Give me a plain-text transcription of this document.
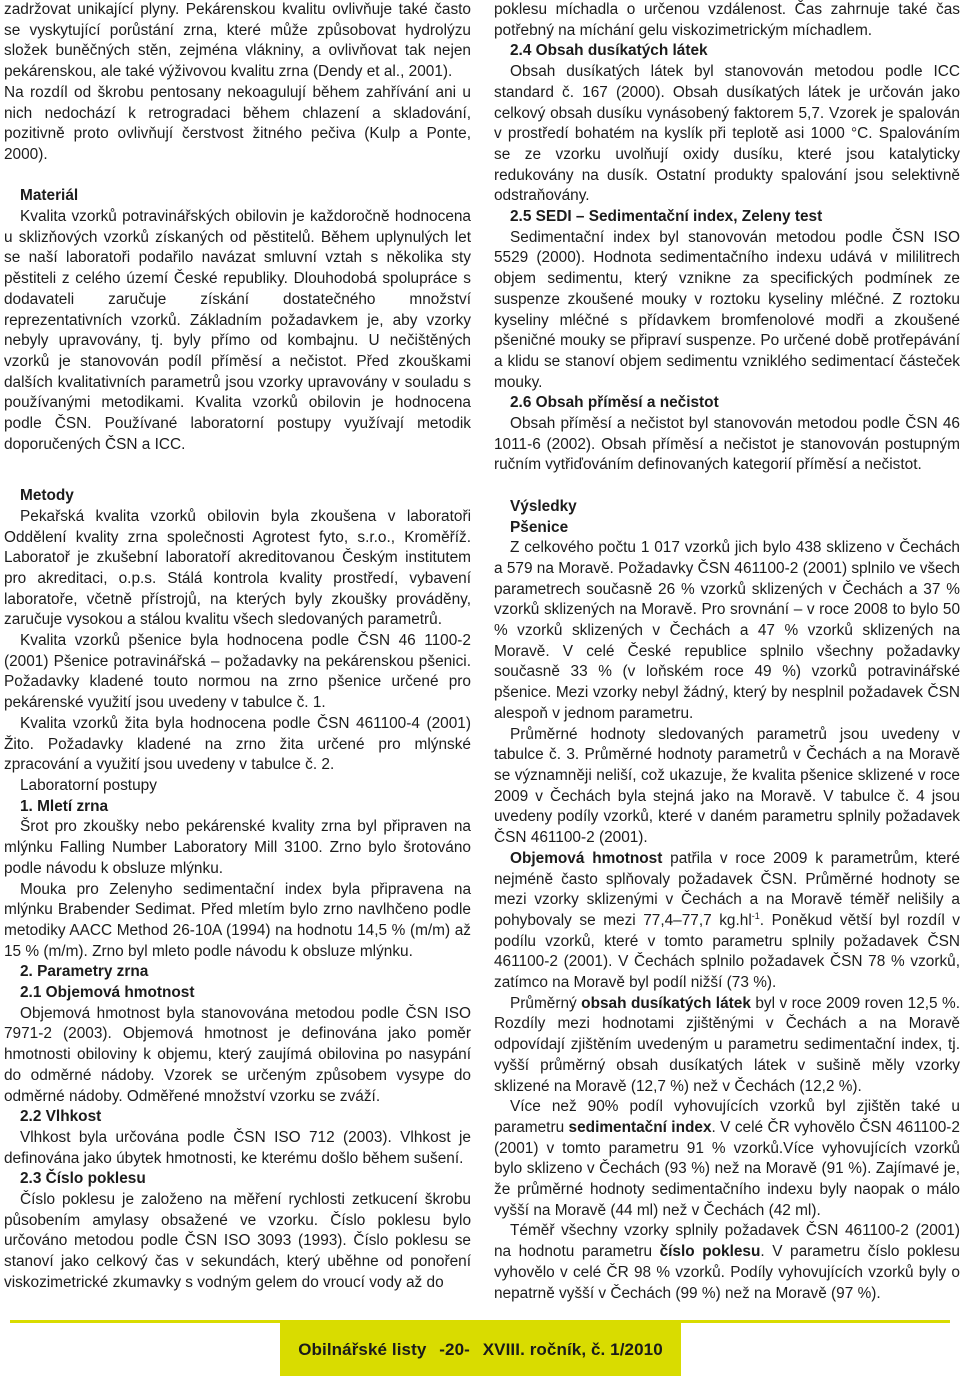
zadržovat unikající plyny. Pekárenskou kvalitu ovlivňuje také často se vyskytující porůstání zrna, které může způsobovat hydrolýzu složek buněčných stěn, zejména vlákniny, a ovlivňovat tak nejen pekárenskou, ale také výživovou kvalitu zrna (Dendy et al., 2001).

Na rozdíl od škrobu pentosany nekoagulují během zahřívání ani u nich nedochází k retrogradaci během chlazení a skladování, pozitivně proto ovlivňují čerstvost žitného pečiva (Kulp a Ponte, 2000).

Materiál

Kvalita vzorků potravinářských obilovin je každoročně hodnocena u sklizňových vzorků získaných od pěstitelů. Během uplynulých let se naší laboratoři podařilo navázat smluvní vztah s několika sty pěstiteli z celého území České republiky. Dlouhodobá spolupráce s dodavateli zaručuje získání dostatečného množství reprezentativních vzorků. Základním požadavkem je, aby vzorky nebyly upravovány, tj. byly přímo od kombajnu. U nečištěných vzorků je stanovován podíl příměsí a nečistot. Před zkouškami dalších kvalitativních parametrů jsou vzorky upravovány v souladu s používanými metodikami. Kvalita vzorků obilovin je hodnocena podle ČSN. Používané laboratorní postupy využívají metodik doporučených ČSN a ICC.

Metody

Pekařská kvalita vzorků obilovin byla zkoušena v laboratoři Oddělení kvality zrna společnosti Agrotest fyto, s.r.o., Kroměříž. Laboratoř je zkušební laboratoří akreditovanou Českým institutem pro akreditaci, o.p.s. Stálá kontrola kvality prostředí, vybavení laboratoře, včetně přístrojů, na kterých byly zkoušky prováděny, zaručuje vysokou a stálou kvalitu všech sledovaných parametrů.

Kvalita vzorků pšenice byla hodnocena podle ČSN 46 1100-2 (2001) Pšenice potravinářská – požadavky na pekárenskou pšenici. Požadavky kladené touto normou na zrno pšenice určené pro pekárenské využití jsou uvedeny v tabulce č. 1.

Kvalita vzorků žita byla hodnocena podle ČSN 461100-4 (2001) Žito. Požadavky kladené na zrno žita určené pro mlýnské zpracování a využití jsou uvedeny v tabulce č. 2.

Laboratorní postupy

1. Mletí zrna

Šrot pro zkoušky nebo pekárenské kvality zrna byl připraven na mlýnku Falling Number Laboratory Mill 3100. Zrno bylo šrotováno podle návodu k obsluze mlýnku.

Mouka pro Zelenyho sedimentační index byla připravena na mlýnku Brabender Sedimat. Před mletím bylo zrno navlhčeno podle metodiky AACC Method 26-10A (1994) na hodnotu 14,5 % (m/m) až 15 % (m/m). Zrno byl mleto podle návodu k obsluze mlýnku.

2. Parametry zrna

2.1 Objemová hmotnost

Objemová hmotnost byla stanovována metodou podle ČSN ISO 7971-2 (2003). Objemová hmotnost je definována jako poměr hmotnosti obiloviny k objemu, který zaujímá obilovina po nasypání do odměrné nádoby. Vzorek se určeným způsobem vysype do odměrné nádoby. Odměřené množství vzorku se zváží.

2.2 Vlhkost

Vlhkost byla určována podle ČSN ISO 712 (2003). Vlhkost je definována jako úbytek hmotnosti, ke kterému došlo během sušení.

2.3 Číslo poklesu

Číslo poklesu je založeno na měření rychlosti zetkucení škrobu působením amylasy obsažené ve vzorku. Číslo poklesu bylo určováno metodou podle ČSN ISO 3093 (1993). Číslo poklesu se stanoví jako celkový čas v sekundách, který uběhne od ponoření viskozimetrické zkumavky s vodným gelem do vroucí vody až do

poklesu míchadla o určenou vzdálenost. Čas zahrnuje také čas potřebný na míchání gelu viskozimetrickým míchadlem.

2.4 Obsah dusíkatých látek

Obsah dusíkatých látek byl stanovován metodou podle ICC standard č. 167 (2000). Obsah dusíkatých látek je určován jako celkový obsah dusíku vynásobený faktorem 5,7. Vzorek je spalován v prostředí bohatém na kyslík při teplotě asi 1000 °C. Spalováním se ze vzorku uvolňují oxidy dusíku, které jsou katalyticky redukovány na dusík. Ostatní produkty spalování jsou selektivně odstraňovány.

2.5 SEDI – Sedimentační index, Zeleny test

Sedimentační index byl stanovován metodou podle ČSN ISO 5529 (2000). Hodnota sedimentačního indexu udává v mililitrech objem sedimentu, který vznikne za specifických podmínek ze suspenze zkoušené mouky v roztoku kyseliny mléčné. Z roztoku kyseliny mléčné s přídavkem bromfenolové modři a zkoušené pšeničné mouky se připraví suspenze. Po určené době protřepávání a klidu se stanoví objem sedimentu vzniklého sedimentací částeček mouky.

2.6 Obsah příměsí a nečistot

Obsah příměsí a nečistot byl stanovován metodou podle ČSN 46 1011-6 (2002). Obsah příměsí a nečistot je stanovován postupným ručním vytřiďováním definovaných kategorií příměsí a nečistot.

Výsledky

Pšenice

Z celkového počtu 1 017 vzorků jich bylo 438 sklizeno v Čechách a 579 na Moravě. Požadavky ČSN 461100-2 (2001) splnilo ve všech parametrech současně 26 % vzorků sklizených v Čechách a 37 % vzorků sklizených na Moravě. Pro srovnání – v roce 2008 to bylo 50 % vzorků sklizených v Čechách a 47 % vzorků sklizených na Moravě. V celé České republice splnilo všechny požadavky současně 33 % (v loňském roce 49 %) vzorků potravinářské pšenice. Mezi vzorky nebyl žádný, který by nesplnil požadavek ČSN alespoň v jednom parametru.

Průměrné hodnoty sledovaných parametrů jsou uvedeny v tabulce č. 3. Průměrné hodnoty parametrů v Čechách a na Moravě se významněji neliší, což ukazuje, že kvalita pšenice sklizené v roce 2009 v Čechách byla stejná jako na Moravě. V tabulce č. 4 jsou uvedeny podíly vzorků, které v daném parametru splnily požadavek ČSN 461100-2 (2001).

Objemová hmotnost patřila v roce 2009 k parametrům, které nejméně často splňovaly požadavek ČSN. Průměrné hodnoty se mezi vzorky sklizenými v Čechách a na Moravě téměř nelišily a pohybovaly se mezi 77,4–77,7 $kg.hl^{-1}$. Poněkud větší byl rozdíl v podílu vzorků, které v tomto parametru splnily požadavek ČSN 461100-2 (2001). V Čechách splnilo požadavek ČSN 78 % vzorků, zatímco na Moravě byl podíl nižší (73 %).

Průměrný obsah dusíkatých látek byl v roce 2009 roven 12,5 %. Rozdíly mezi hodnotami zjištěnými v Čechách a na Moravě odpovídají zjištěním uvedeným u parametru sedimentační index, tj. vyšší průměrný obsah dusíkatých látek v sušině měly vzorky sklizené na Moravě (12,7 %) než v Čechách (12,2 %).

Více než 90% podíl vyhovujících vzorků byl zjištěn také u parametru sedimentační index. V celé ČR vyhovělo ČSN 461100-2 (2001) v tomto parametru 91 % vzorků.Více vyhovujících vzorků bylo sklizeno v Čechách (93 %) než na Moravě (91 %). Zajímavé je, že průměrné hodnoty sedimentačního indexu byly naopak o málo vyšší na Moravě (44 ml) než v Čechách (42 ml).

Téměř všechny vzorky splnily požadavek ČSN 461100-2 (2001) na hodnotu parametru číslo poklesu. V parametru číslo poklesu vyhovělo v celé ČR 98 % vzorků. Podíly vyhovujících vzorků byly o nepatrně vyšší v Čechách (99 %) než na Moravě (97 %).

Obilnářské listy -20- XVIII. ročník, č. 1/2010
